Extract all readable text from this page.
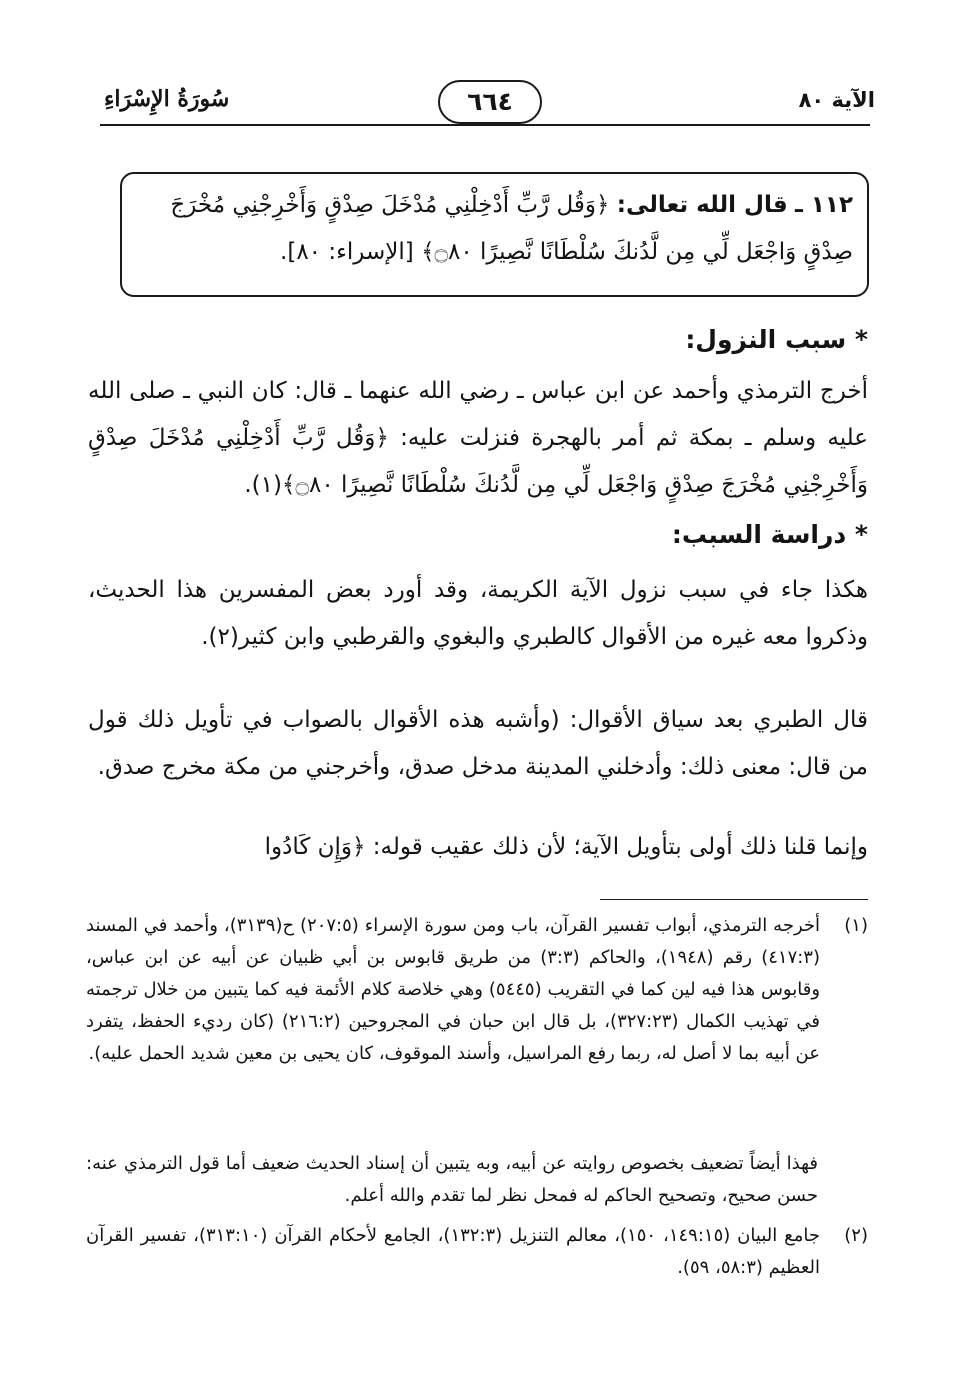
الآية ٨٠
٦٦٤
سُورَةُ الإِسْرَاءِ
١١٢ ـ قال الله تعالى: ﴿وَقُل رَّبِّ أَدْخِلْنِي مُدْخَلَ صِدْقٍ وَأَخْرِجْنِي مُخْرَجَ صِدْقٍ وَاجْعَل لِّي مِن لَّدُنكَ سُلْطَانًا نَّصِيرًا ۝٨٠﴾ [الإسراء: ٨٠].
* سبب النزول:
أخرج الترمذي وأحمد عن ابن عباس ـ رضي الله عنهما ـ قال: كان النبي ـ صلى الله عليه وسلم ـ بمكة ثم أمر بالهجرة فنزلت عليه: ﴿وَقُل رَّبِّ أَدْخِلْنِي مُدْخَلَ صِدْقٍ وَأَخْرِجْنِي مُخْرَجَ صِدْقٍ وَاجْعَل لِّي مِن لَّدُنكَ سُلْطَانًا نَّصِيرًا ۝٨٠﴾(١).
* دراسة السبب:
هكذا جاء في سبب نزول الآية الكريمة، وقد أورد بعض المفسرين هذا الحديث، وذكروا معه غيره من الأقوال كالطبري والبغوي والقرطبي وابن كثير(٢).
قال الطبري بعد سياق الأقوال: (وأشبه هذه الأقوال بالصواب في تأويل ذلك قول من قال: معنى ذلك: وأدخلني المدينة مدخل صدق، وأخرجني من مكة مخرج صدق.
وإنما قلنا ذلك أولى بتأويل الآية؛ لأن ذلك عقيب قوله: ﴿وَإِن كَادُوا
(١)
أخرجه الترمذي، أبواب تفسير القرآن، باب ومن سورة الإسراء (٢٠٧:٥) ح(٣١٣٩)، وأحمد في المسند (٤١٧:٣) رقم (١٩٤٨)، والحاكم (٣:٣) من طريق قابوس بن أبي ظبيان عن أبيه عن ابن عباس، وقابوس هذا فيه لين كما في التقريب (٥٤٤٥) وهي خلاصة كلام الأئمة فيه كما يتبين من خلال ترجمته في تهذيب الكمال (٣٢٧:٢٣)، بل قال ابن حبان في المجروحين (٢١٦:٢) (كان رديء الحفظ، يتفرد عن أبيه بما لا أصل له، ربما رفع المراسيل، وأسند الموقوف، كان يحيى بن معين شديد الحمل عليه).
فهذا أيضاً تضعيف بخصوص روايته عن أبيه، وبه يتبين أن إسناد الحديث ضعيف أما قول الترمذي عنه: حسن صحيح، وتصحيح الحاكم له فمحل نظر لما تقدم والله أعلم.
(٢)
جامع البيان (١٤٩:١٥، ١٥٠)، معالم التنزيل (١٣٢:٣)، الجامع لأحكام القرآن (٣١٣:١٠)، تفسير القرآن العظيم (٥٨:٣، ٥٩).
